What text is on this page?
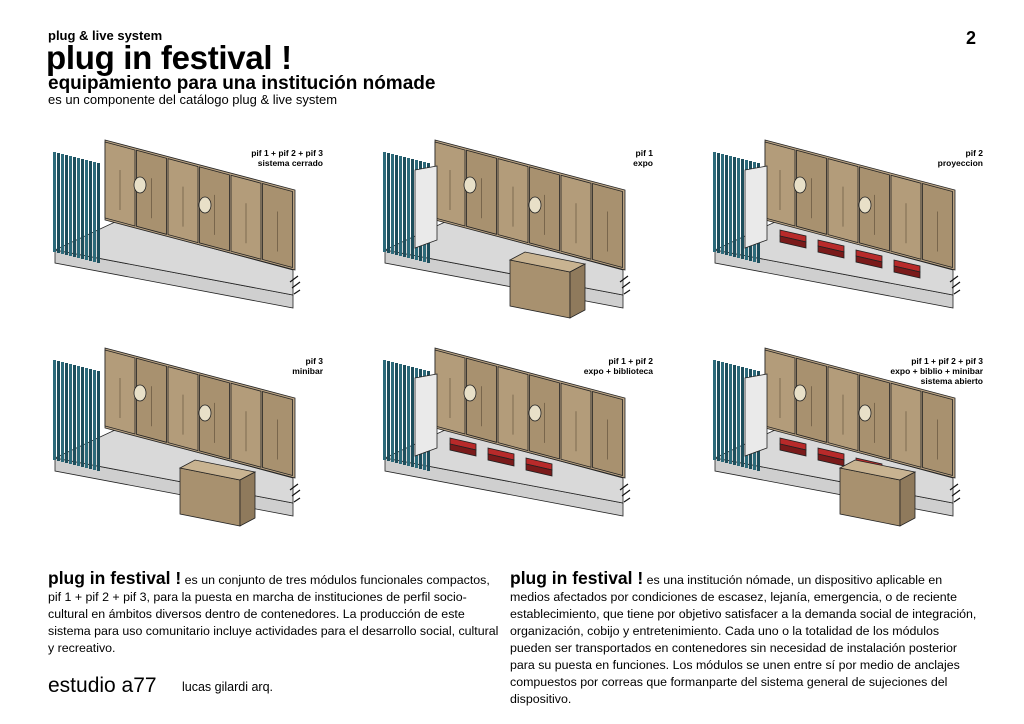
plug & live system
plug in festival !
equipamiento para una institución nómade
es un componente del catálogo plug & live system
2
pif 1 + pif 2 + pif 3
sistema cerrado
pif 1
expo
pif 2
proyeccion
pif 3
minibar
pif 1 + pif 2
expo + biblioteca
pif 1 + pif 2 + pif 3
expo + biblio + minibar
sistema abierto
plug in festival ! es un conjunto de tres módulos funcionales compactos, pif 1 + pif 2 + pif 3, para la puesta en marcha de instituciones de perfil socio-cultural en ámbitos diversos dentro de contenedores. La producción de este sistema para uso comunitario incluye actividades para el desarrollo social, cultural y recreativo.
plug in festival ! es una institución nómade, un dispositivo aplicable en medios afectados por condiciones de escasez, lejanía, emergencia, o de reciente establecimiento, que tiene por objetivo satisfacer a la demanda social de integración, organización, cobijo y entretenimiento. Cada uno o la totalidad de los módulos pueden ser transportados en contenedores sin necesidad de instalación posterior para su puesta en funciones. Los módulos se unen entre sí por medio de anclajes compuestos por correas que formanparte del sistema general de sujeciones del dispositivo.
estudio a77 lucas gilardi arq.
